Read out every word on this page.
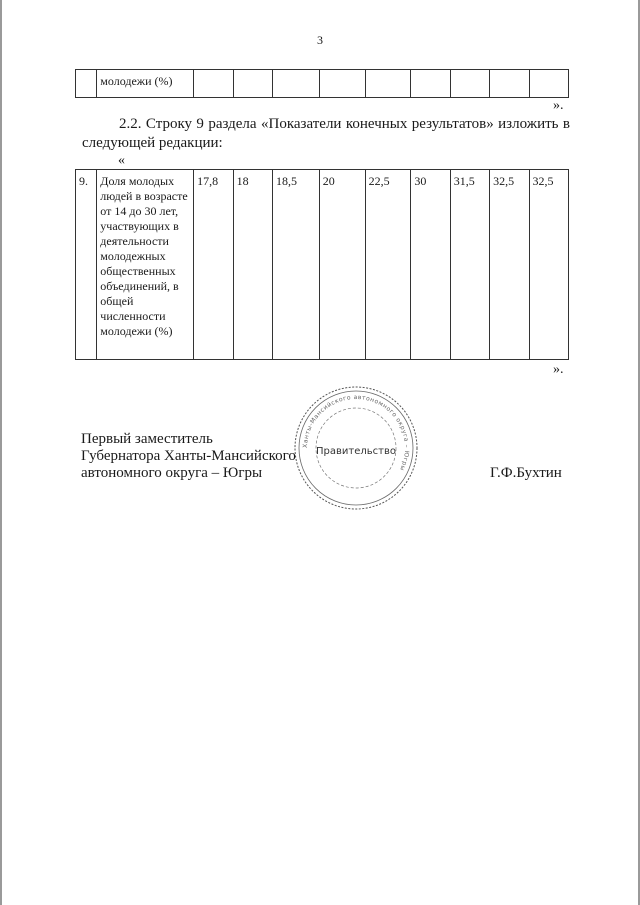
3
	молодежи (%)									
».
2.2. Строку 9 раздела «Показатели конечных результатов» изложить в следующей редакции:
«
9.	Доля молодых людей в возрасте от 14 до 30 лет, участвующих в деятельности молодежных общественных объединений, в общей численности молодежи (%)	17,8	18	18,5	20	22,5	30	31,5	32,5	32,5
».
Ханты-Мансийского автономного округа – Югры
Правительство
Первый заместитель
Губернатора Ханты-Мансийского
автономного округа – Югры	Г.Ф.Бухтин
